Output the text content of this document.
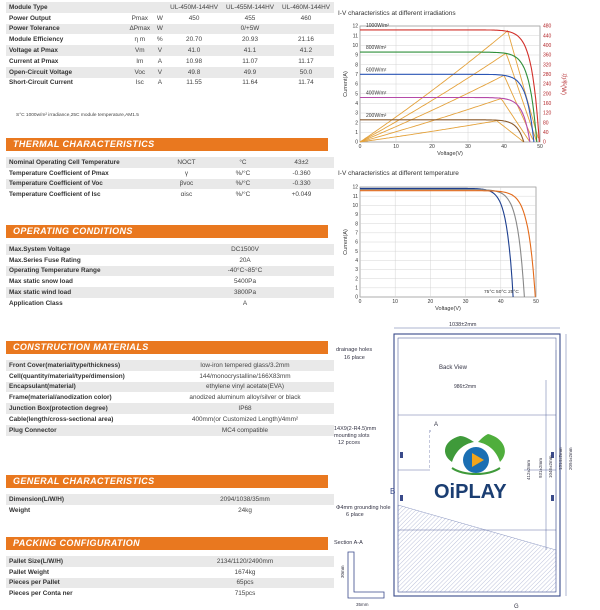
Module Type			UL-450M-144HV	UL-455M-144HV	UL-460M-144HV
Power Output	Pmax	W	450	455	460
Power Tolerance	ΔPmax	W		0/+5W	
Module Efficiency	η m	%	20.70	20.93	21.16
Voltage at Pmax	Vm	V	41.0	41.1	41.2
Current at Pmax	Im	A	10.98	11.07	11.17
Open-Circuit Voltage	Voc	V	49.8	49.9	50.0
Short-Circuit Current	Isc	A	11.55	11.64	11.74
S°C 1000w/m² irradiance,25C module temperature,AM1.5
THERMAL CHARACTERISTICS
Nominal Operating Cell Temperature	NOCT	°C	43±2
Temperature Coefficient of Pmax	γ	%/°C	-0.360
Temperature Coefficient of Voc	βvoc	%/°C	-0.330
Temperature Coefficient of Isc	αisc	%/°C	+0.049
OPERATING CONDITIONS
Max.System Voltage	DC1500V
Max.Series Fuse Rating	20A
Operating Temperature Range	-40°C~85°C
Max static snow load	5400Pa
Max static wind load	3800Pa
Application Class	A
CONSTRUCTION MATERIALS
Front Cover(material/type/thickness)	low-iron tempered glass/3.2mm
Cell(quantity/material/type/dimension)	144/monocrystalline/166X83mm
Encapsulant(material)	ethylene vinyl acetate(EVA)
Frame(material/anodization color)	anodized aluminum alloy/silver or black
Junction Box(protection degree)	IP68
Cable(length/cross-sectional area)	400mm(or Customized Length)/4mm²
Plug Connector	MC4 compatible
GENERAL CHARACTERISTICS
Dimension(L/W/H)	2094/1038/35mm
Weight	24kg
PACKING CONFIGURATION
Pallet Size(L/W/H)	2134/1120/2490mm
Pallet Weight	1674kg
Pieces per Pallet	65pcs
Pieces per Conta ner	715pcs
I-V characteristics at different irradiations
0	10	20	30	40	50
0
1
2
3
4
5
6
7
8
9
10
11
12
Voltage(V)
Current(A)
0
40
80
120
160
200
240
280
320
360
400
440
480
功率(W)
1000W/m²
800W/m²
600W/m²
400W/m²
200W/m²
I-V characteristics at different temperature
0	10	20	30	40	50
0
1
2
3
4
5
6
7
8
9
10
11
12
Voltage(V)
Current(A)
75°C 50°C 25°C
1038±2mm
2094±2mm
1314±2mm
1046±2mm
931±2mm
412±2mm
drainage holes
16 place
Back View
986±2mm
14X9(2-R4.5)mm
mounting slots
12 pcces
A
B
G
Φ4mm grounding hole
6 place
Section A-A
30mm
35mm
OiPLAY
